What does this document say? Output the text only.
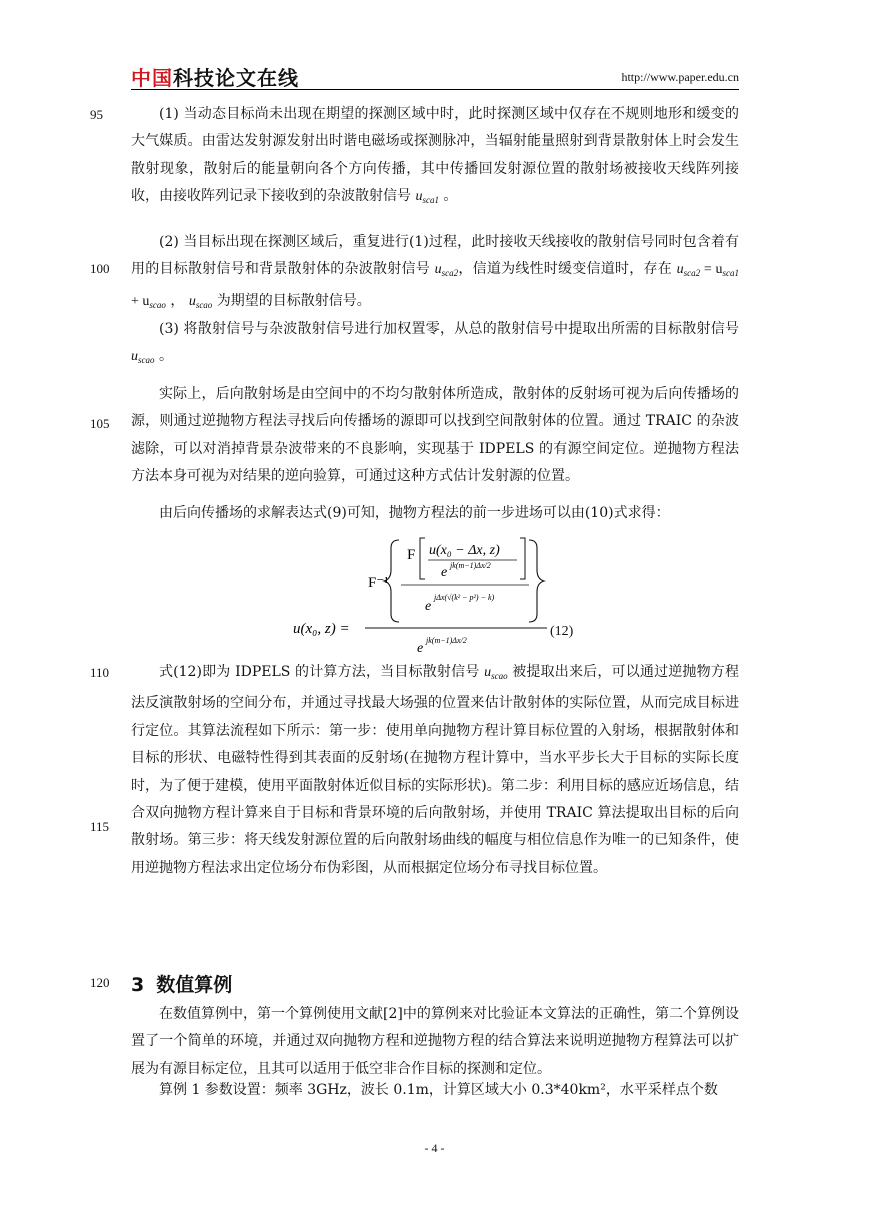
中国科技论文在线	http://www.paper.edu.cn
95
100
105
110
115
120

(1) 当动态目标尚未出现在期望的探测区域中时，此时探测区域中仅存在不规则地形和缓变的大气媒质。由雷达发射源发射出时谐电磁场或探测脉冲，当辐射能量照射到背景散射体上时会发生散射现象，散射后的能量朝向各个方向传播，其中传播回发射源位置的散射场被接收天线阵列接收，由接收阵列记录下接收到的杂波散射信号 $u_{sca1}$ 。

(2) 当目标出现在探测区域后，重复进行(1)过程，此时接收天线接收的散射信号同时包含着有用的目标散射信号和背景散射体的杂波散射信号 $u_{sca2}$，信道为线性时缓变信道时，存在 $u_{sca2} = u_{sca1} + u_{scao}$ ， $u_{scao}$ 为期望的目标散射信号。

(3) 将散射信号与杂波散射信号进行加权置零，从总的散射信号中提取出所需的目标散射信号 $u_{scao}$ 。

实际上，后向散射场是由空间中的不均匀散射体所造成，散射体的反射场可视为后向传播场的源，则通过逆抛物方程法寻找后向传播场的源即可以找到空间散射体的位置。通过 TRAIC 的杂波滤除，可以对消掉背景杂波带来的不良影响，实现基于 IDPELS 的有源空间定位。逆抛物方程法方法本身可视为对结果的逆向验算，可通过这种方式估计发射源的位置。

由后向传播场的求解表达式(9)可知，抛物方程法的前一步进场可以由(10)式求得：

F⁻¹
F u(x₀ − Δx, z)
e jk(m−1)Δx/2
e
jΔx(√(k² − p²) − k)
u(x₀, z) =
e
jk(m−1)Δx/2
(12)

式(12)即为 IDPELS 的计算方法，当目标散射信号 $u_{scao}$ 被提取出来后，可以通过逆抛物方程法反演散射场的空间分布，并通过寻找最大场强的位置来估计散射体的实际位置，从而完成目标进行定位。其算法流程如下所示：第一步：使用单向抛物方程计算目标位置的入射场，根据散射体和目标的形状、电磁特性得到其表面的反射场(在抛物方程计算中，当水平步长大于目标的实际长度时，为了便于建模，使用平面散射体近似目标的实际形状)。第二步：利用目标的感应近场信息，结合双向抛物方程计算来自于目标和背景环境的后向散射场，并使用 TRAIC 算法提取出目标的后向散射场。第三步：将天线发射源位置的后向散射场曲线的幅度与相位信息作为唯一的已知条件，使用逆抛物方程法求出定位场分布伪彩图，从而根据定位场分布寻找目标位置。

3 数值算例

在数值算例中，第一个算例使用文献[2]中的算例来对比验证本文算法的正确性，第二个算例设置了一个简单的环境，并通过双向抛物方程和逆抛物方程的结合算法来说明逆抛物方程算法可以扩展为有源目标定位，且其可以适用于低空非合作目标的探测和定位。

算例 1 参数设置：频率 3GHz，波长 0.1m，计算区域大小 0.3*40km²，水平采样点个数

- 4 -
